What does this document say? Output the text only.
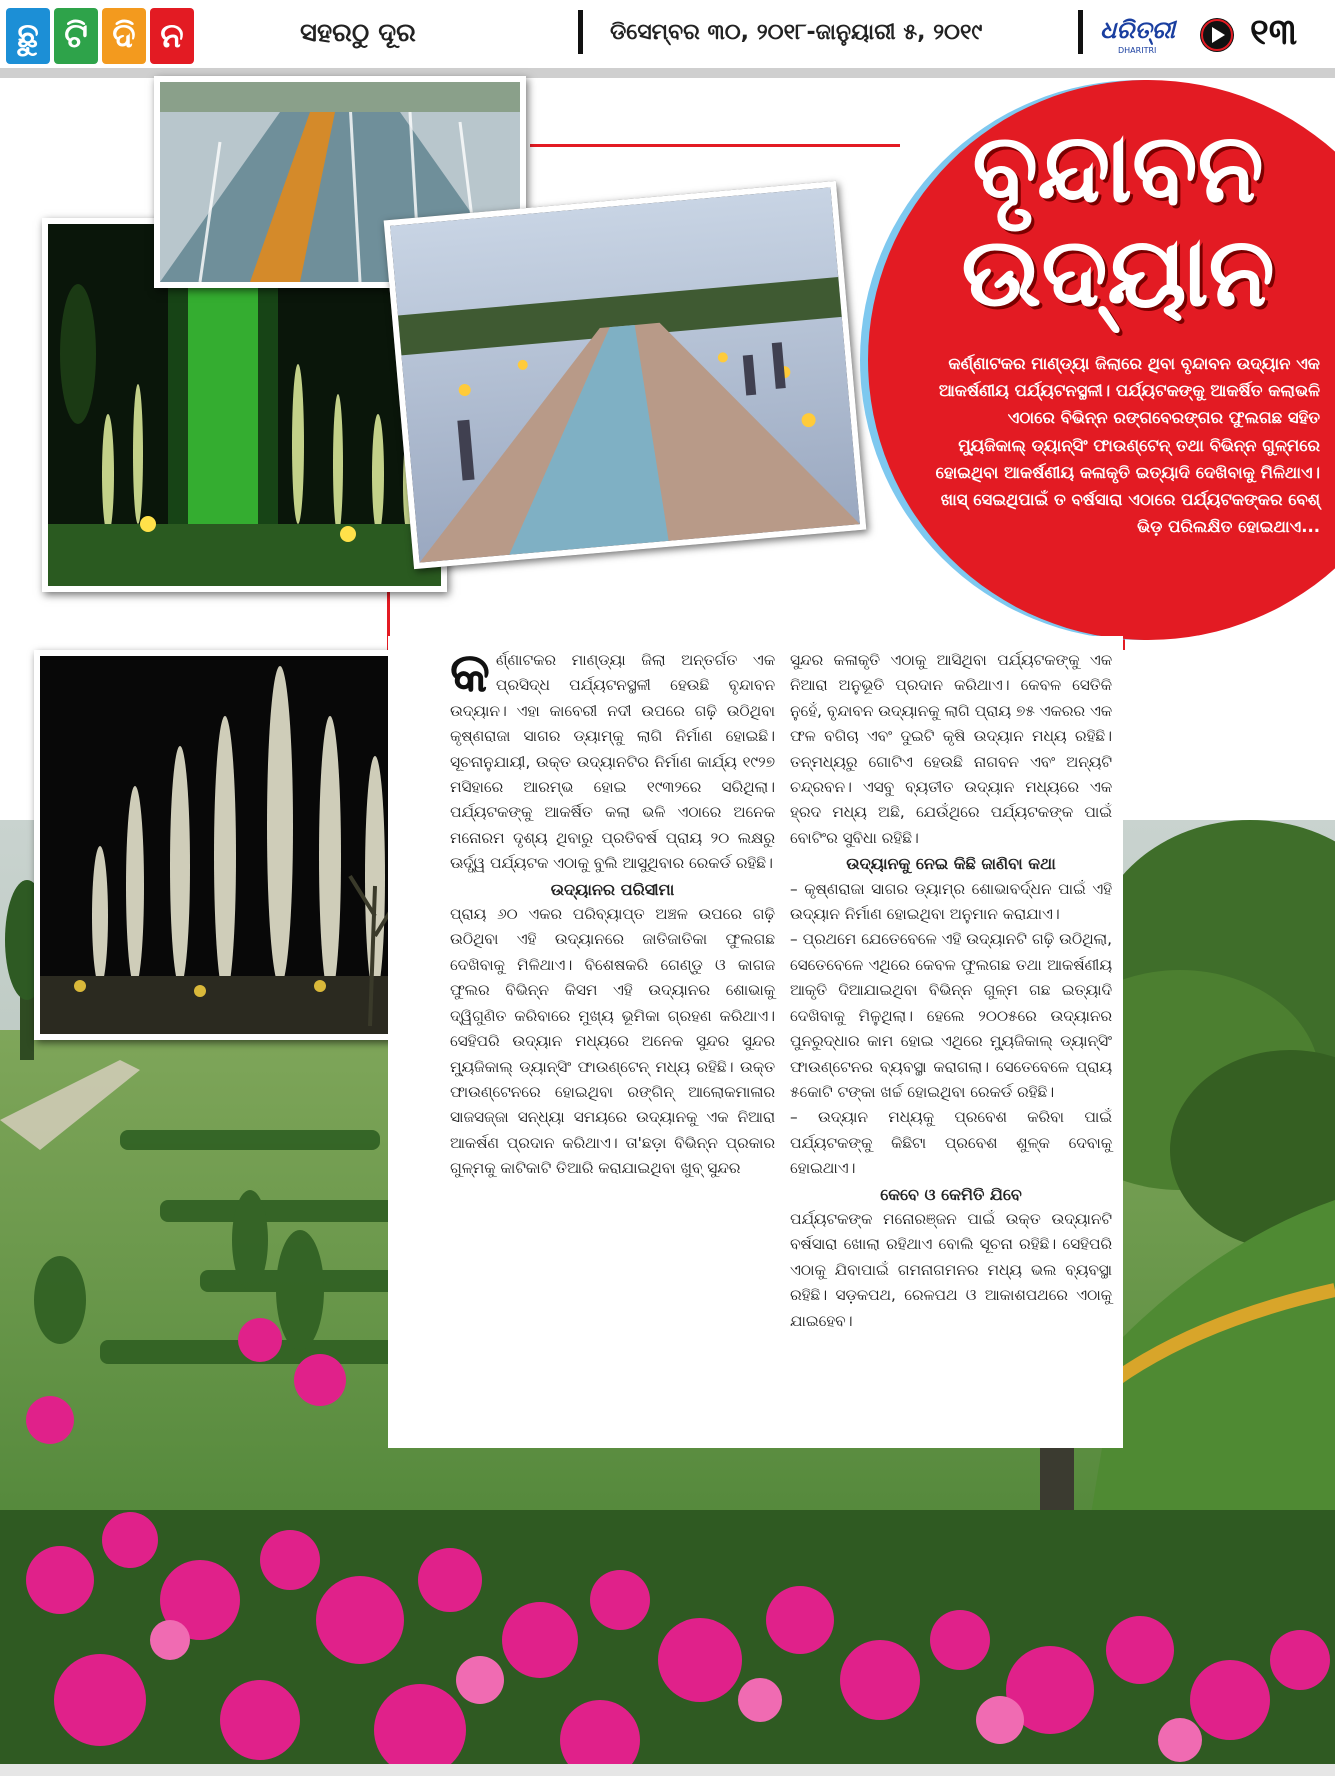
ଛୁ ଟି ଦି ନ	ସହରଠୁ ଦୂର	ଡିସେମ୍ବର ୩୦, ୨୦୧୮-ଜାନୁୟାରୀ ୫, ୨୦୧୯	ଧରିତ୍ରୀ
DHARITRI	୧୩
ବୃନ୍ଦାବନ
ଉଦ୍ୟାନ

କର୍ଣ୍ଣାଟକର ମାଣ୍ଡ୍ୟା ଜିଲାରେ ଥିବା ବୃନ୍ଦାବନ ଉଦ୍ୟାନ ଏକ ଆକର୍ଷଣୀୟ ପର୍ଯ୍ୟଟନସ୍ଥଳୀ। ପର୍ଯ୍ୟଟକଙ୍କୁ ଆକର୍ଷିତ କଲାଭଳି ଏଠାରେ ବିଭିନ୍ନ ରଙ୍ଗବେରଙ୍ଗର ଫୁଲଗଛ ସହିତ ମ୍ୟୁଜିକାଲ୍ ଡ୍ୟାନ୍ସିଂ ଫାଉଣ୍ଟେନ୍ ତଥା ବିଭିନ୍ନ ଗୁଳ୍ମରେ ହୋଇଥିବା ଆକର୍ଷଣୀୟ କଳାକୃତି ଇତ୍ୟାଦି ଦେଖିବାକୁ ମିଳିଥାଏ। ଖାସ୍ ସେଇଥିପାଇଁ ତ ବର୍ଷସାରା ଏଠାରେ ପର୍ଯ୍ୟଟକଙ୍କର ବେଶ୍ ଭିଡ଼ ପରିଲକ୍ଷିତ ହୋଇଥାଏ...

କର୍ଣ୍ଣାଟକର ମାଣ୍ଡ୍ୟା ଜିଲା ଅନ୍ତର୍ଗତ ଏକ ପ୍ରସିଦ୍ଧ ପର୍ଯ୍ୟଟନସ୍ଥଳୀ ହେଉଛି ବୃନ୍ଦାବନ ଉଦ୍ୟାନ। ଏହା କାବେରୀ ନଦୀ ଉପରେ ଗଢ଼ି ଉଠିଥିବା କୃଷ୍ଣରାଜା ସାଗର ଡ୍ୟାମ୍‌କୁ ଲାଗି ନିର୍ମାଣ ହୋଇଛି। ସୂଚନାନୁଯାୟୀ, ଉକ୍ତ ଉଦ୍ୟାନଟିର ନିର୍ମାଣ କାର୍ଯ୍ୟ ୧୯୨୭ ମସିହାରେ ଆରମ୍ଭ ହୋଇ ୧୯୩୨ରେ ସରିଥିଲା। ପର୍ଯ୍ୟଟକଙ୍କୁ ଆକର୍ଷିତ କଲା ଭଳି ଏଠାରେ ଅନେକ ମନୋରମ ଦୃଶ୍ୟ ଥିବାରୁ ପ୍ରତିବର୍ଷ ପ୍ରାୟ ୨୦ ଲକ୍ଷରୁ ଊର୍ଦ୍ଧ୍ୱ ପର୍ଯ୍ୟଟକ ଏଠାକୁ ବୁଲି ଆସୁଥିବାର ରେକର୍ଡ ରହିଛି।

ଉଦ୍ୟାନର ପରିସୀମା

ପ୍ରାୟ ୬୦ ଏକର ପରିବ୍ୟାପ୍ତ ଅଞ୍ଚଳ ଉପରେ ଗଢ଼ି ଉଠିଥିବା ଏହି ଉଦ୍ୟାନରେ ଜାତିଜାତିକା ଫୁଲଗଛ ଦେଖିବାକୁ ମିଳିଥାଏ। ବିଶେଷକରି ଗେଣ୍ଡୁ ଓ କାଗଜ ଫୁଲର ବିଭିନ୍ନ କିସମ ଏହି ଉଦ୍ୟାନର ଶୋଭାକୁ ଦ୍ୱିଗୁଣିତ କରିବାରେ ମୁଖ୍ୟ ଭୂମିକା ଗ୍ରହଣ କରିଥାଏ। ସେହିପରି ଉଦ୍ୟାନ ମଧ୍ୟରେ ଅନେକ ସୁନ୍ଦର ସୁନ୍ଦର ମ୍ୟୁଜିକାଲ୍ ଡ୍ୟାନ୍ସିଂ ଫାଉଣ୍ଟେନ୍ ମଧ୍ୟ ରହିଛି। ଉକ୍ତ ଫାଉଣ୍ଟେନରେ ହୋଇଥିବା ରଙ୍ଗିନ୍ ଆଲୋକମାଳାର ସାଜସଜ୍ଜା ସନ୍ଧ୍ୟା ସମୟରେ ଉଦ୍ୟାନକୁ ଏକ ନିଆରା ଆକର୍ଷଣ ପ୍ରଦାନ କରିଥାଏ। ତା'ଛଡ଼ା ବିଭିନ୍ନ ପ୍ରକାର ଗୁଳ୍ମକୁ କାଟିକାଟି ତିଆରି କରାଯାଇଥିବା ଖୁବ୍ ସୁନ୍ଦର

ସୁନ୍ଦର କଳାକୃତି ଏଠାକୁ ଆସିଥିବା ପର୍ଯ୍ୟଟକଙ୍କୁ ଏକ ନିଆରା ଅନୁଭୂତି ପ୍ରଦାନ କରିଥାଏ। କେବଳ ସେତିକି ନୁହେଁ, ବୃନ୍ଦାବନ ଉଦ୍ୟାନକୁ ଲାଗି ପ୍ରାୟ ୭୫ ଏକରର ଏକ ଫଳ ବଗିଚା ଏବଂ ଦୁଇଟି କୃଷି ଉଦ୍ୟାନ ମଧ୍ୟ ରହିଛି। ତନ୍ମଧ୍ୟରୁ ଗୋଟିଏ ହେଉଛି ନାଗବନ ଏବଂ ଅନ୍ୟଟି ଚନ୍ଦ୍ରବନ। ଏସବୁ ବ୍ୟତୀତ ଉଦ୍ୟାନ ମଧ୍ୟରେ ଏକ ହ୍ରଦ ମଧ୍ୟ ଅଛି, ଯେଉଁଥିରେ ପର୍ଯ୍ୟଟକଙ୍କ ପାଇଁ ବୋଟିଂର ସୁବିଧା ରହିଛି।

ଉଦ୍ୟାନକୁ ନେଇ କିଛି ଜାଣିବା କଥା

– କୃଷ୍ଣରାଜା ସାଗର ଡ୍ୟାମ୍‌ର ଶୋଭାବର୍ଦ୍ଧନ ପାଇଁ ଏହି ଉଦ୍ୟାନ ନିର୍ମାଣ ହୋଇଥିବା ଅନୁମାନ କରାଯାଏ।

– ପ୍ରଥମେ ଯେତେବେଳେ ଏହି ଉଦ୍ୟାନଟି ଗଢ଼ି ଉଠିଥିଲା, ସେତେବେଳେ ଏଥିରେ କେବଳ ଫୁଲଗଛ ତଥା ଆକର୍ଷଣୀୟ ଆକୃତି ଦିଆଯାଇଥିବା ବିଭିନ୍ନ ଗୁଳ୍ମ ଗଛ ଇତ୍ୟାଦି ଦେଖିବାକୁ ମିଳୁଥିଲା। ହେଲେ ୨୦୦୫ରେ ଉଦ୍ୟାନର ପୁନରୁଦ୍ଧାର କାମ ହୋଇ ଏଥିରେ ମ୍ୟୁଜିକାଲ୍ ଡ୍ୟାନ୍ସିଂ ଫାଉଣ୍ଟେନର ବ୍ୟବସ୍ଥା କରାଗଲା। ସେତେବେଳେ ପ୍ରାୟ ୫କୋଟି ଟଙ୍କା ଖର୍ଚ୍ଚ ହୋଇଥିବା ରେକର୍ଡ ରହିଛି।

– ଉଦ୍ୟାନ ମଧ୍ୟକୁ ପ୍ରବେଶ କରିବା ପାଇଁ ପର୍ଯ୍ୟଟକଙ୍କୁ କିଛିଟା ପ୍ରବେଶ ଶୁଳ୍କ ଦେବାକୁ ହୋଇଥାଏ।

କେବେ ଓ କେମିତି ଯିବେ

ପର୍ଯ୍ୟଟକଙ୍କ ମନୋରଞ୍ଜନ ପାଇଁ ଉକ୍ତ ଉଦ୍ୟାନଟି ବର୍ଷସାରା ଖୋଲା ରହିଥାଏ ବୋଲି ସୂଚନା ରହିଛି। ସେହିପରି ଏଠାକୁ ଯିବାପାଇଁ ଗମନାଗମନର ମଧ୍ୟ ଭଲ ବ୍ୟବସ୍ଥା ରହିଛି। ସଡ଼କପଥ, ରେଳପଥ ଓ ଆକାଶପଥରେ ଏଠାକୁ ଯାଇହେବ।
